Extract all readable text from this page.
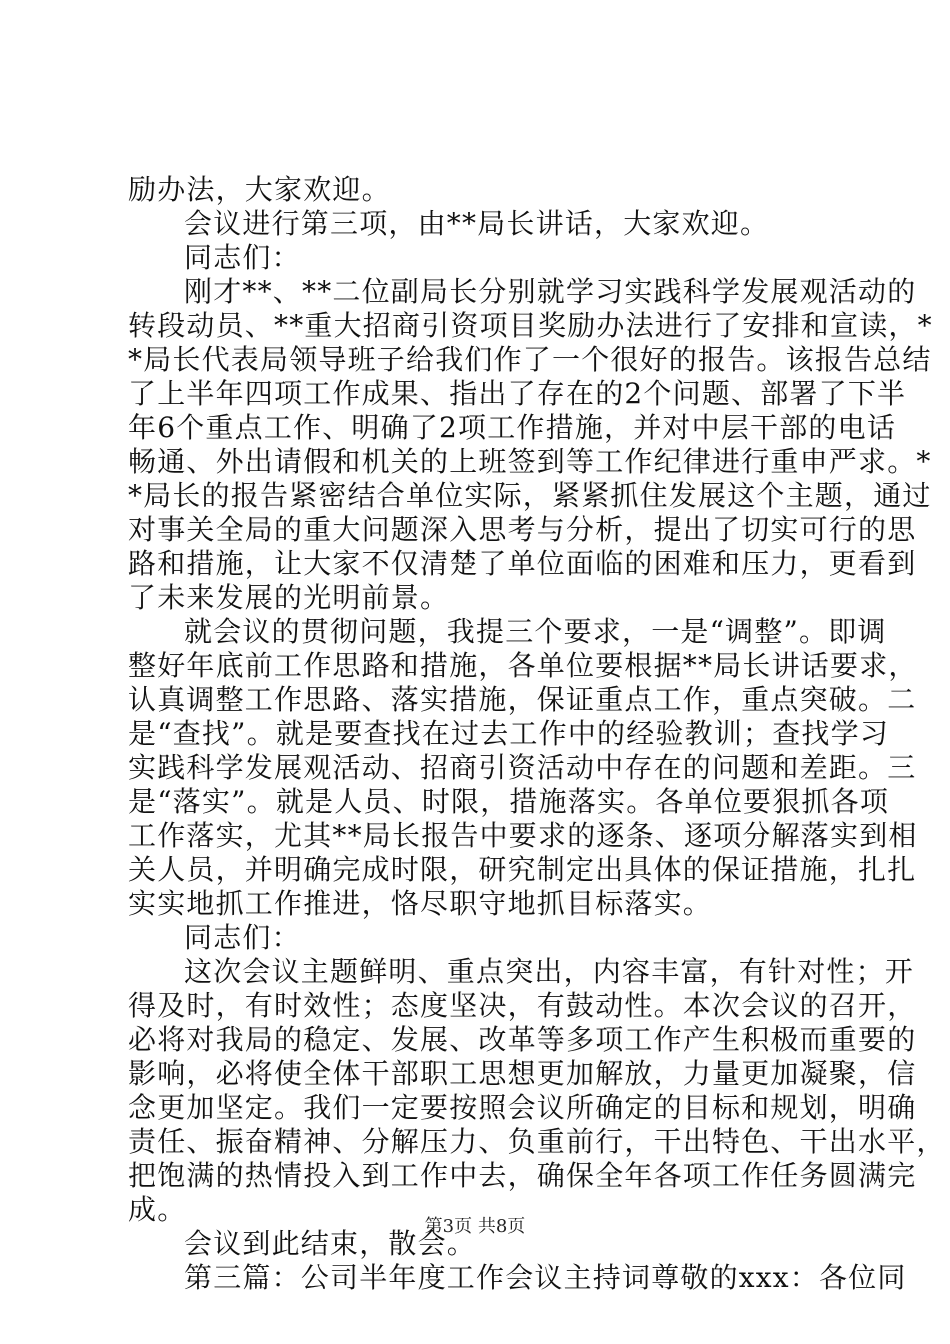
励办法，大家欢迎。
会议进行第三项，由**局长讲话，大家欢迎。
同志们：
刚才**、**二位副局长分别就学习实践科学发展观活动的
转段动员、**重大招商引资项目奖励办法进行了安排和宣读，*
*局长代表局领导班子给我们作了一个很好的报告。该报告总结
了上半年四项工作成果、指出了存在的2个问题、部署了下半
年6个重点工作、明确了2项工作措施，并对中层干部的电话
畅通、外出请假和机关的上班签到等工作纪律进行重申严求。*
*局长的报告紧密结合单位实际，紧紧抓住发展这个主题，通过
对事关全局的重大问题深入思考与分析，提出了切实可行的思
路和措施，让大家不仅清楚了单位面临的困难和压力，更看到
了未来发展的光明前景。
就会议的贯彻问题，我提三个要求，一是“调整”。即调
整好年底前工作思路和措施，各单位要根据**局长讲话要求，
认真调整工作思路、落实措施，保证重点工作，重点突破。二
是“查找”。就是要查找在过去工作中的经验教训；查找学习
实践科学发展观活动、招商引资活动中存在的问题和差距。三
是“落实”。就是人员、时限，措施落实。各单位要狠抓各项
工作落实，尤其**局长报告中要求的逐条、逐项分解落实到相
关人员，并明确完成时限，研究制定出具体的保证措施，扎扎
实实地抓工作推进，恪尽职守地抓目标落实。
同志们：
这次会议主题鲜明、重点突出，内容丰富，有针对性；开
得及时，有时效性；态度坚决，有鼓动性。本次会议的召开，
必将对我局的稳定、发展、改革等多项工作产生积极而重要的
影响，必将使全体干部职工思想更加解放，力量更加凝聚，信
念更加坚定。我们一定要按照会议所确定的目标和规划，明确
责任、振奋精神、分解压力、负重前行，干出特色、干出水平，
把饱满的热情投入到工作中去，确保全年各项工作任务圆满完
成。
会议到此结束，散会。
第三篇：公司半年度工作会议主持词尊敬的xxx：各位同
第3页 共8页
